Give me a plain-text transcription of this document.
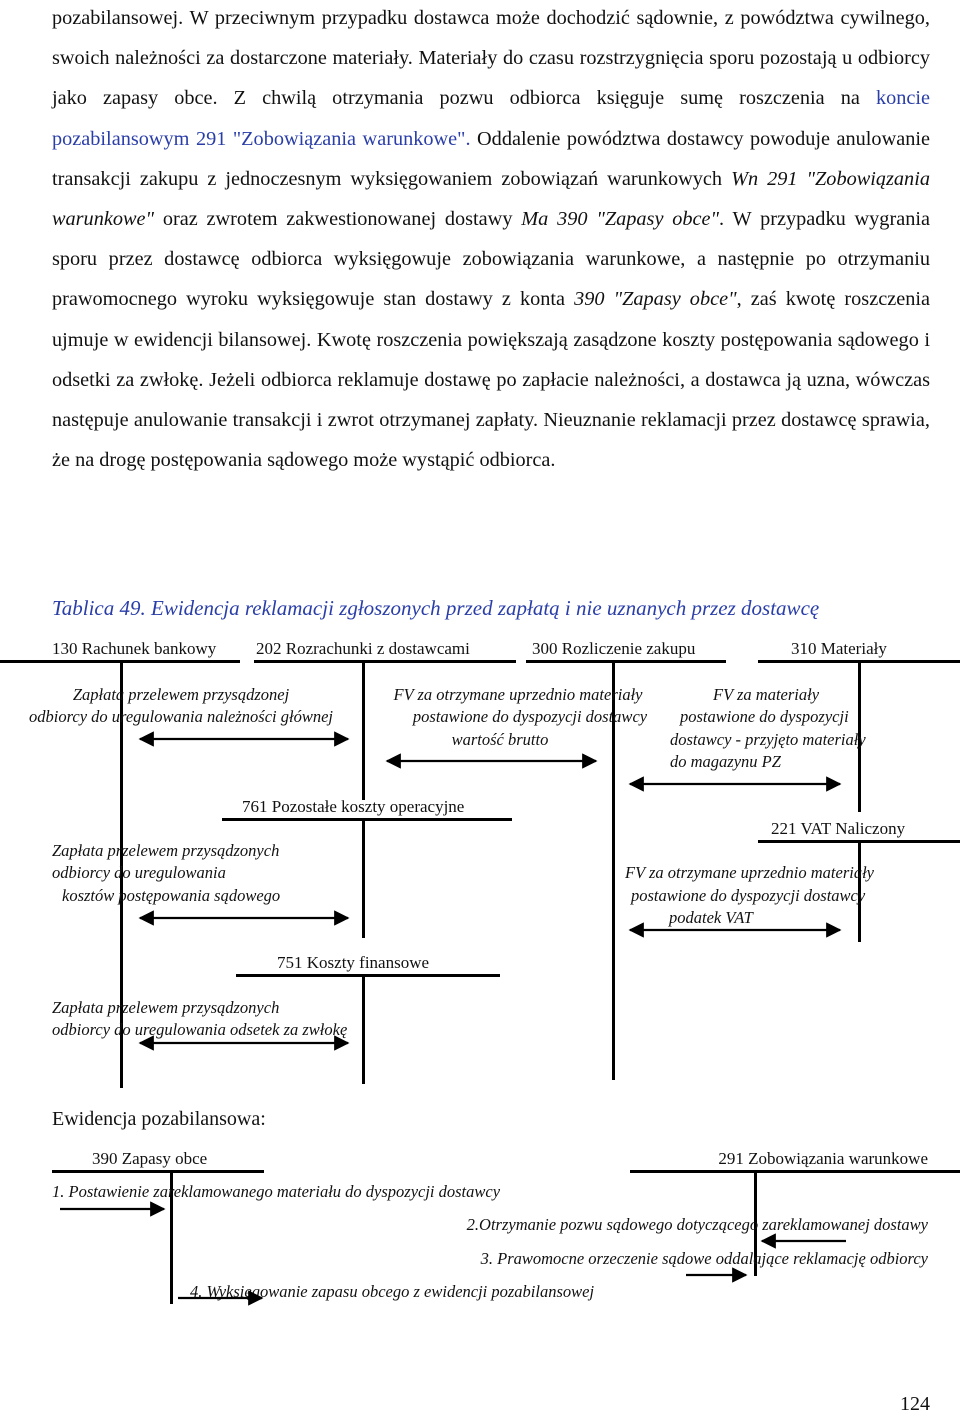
pozabilansowej. W przeciwnym przypadku dostawca może dochodzić sądownie, z powództwa cywilnego, swoich należności za dostarczone materiały. Materiały do czasu rozstrzygnięcia sporu pozostają u odbiorcy jako zapasy obce. Z chwilą otrzymania pozwu odbiorca księguje sumę roszczenia na koncie pozabilansowym 291 "Zobowiązania warunkowe". Oddalenie powództwa dostawcy powoduje anulowanie transakcji zakupu z jednoczesnym wyksięgowaniem zobowiązań warunkowych Wn 291 "Zobowiązania warunkowe" oraz zwrotem zakwestionowanej dostawy Ma 390 "Zapasy obce". W przypadku wygrania sporu przez dostawcę odbiorca wyksięgowuje zobowiązania warunkowe, a następnie po otrzymaniu prawomocnego wyroku wyksięgowuje stan dostawy z konta 390 "Zapasy obce", zaś kwotę roszczenia ujmuje w ewidencji bilansowej. Kwotę roszczenia powiększają zasądzone koszty postępowania sądowego i odsetki za zwłokę. Jeżeli odbiorca reklamuje dostawę po zapłacie należności, a dostawca ją uzna, wówczas następuje anulowanie transakcji i zwrot otrzymanej zapłaty. Nieuznanie reklamacji przez dostawcę sprawia, że na drogę postępowania sądowego może wystąpić odbiorca.

Tablica 49. Ewidencja reklamacji zgłoszonych przed zapłatą i nie uznanych przez dostawcę
130 Rachunek bankowy 202 Rozrachunki z dostawcami	300 Rozliczenie zakupu	310 Materiały
Zapłata przelewem przysądzonej
odbiorcy do uregulowania należności głównej
FV za otrzymane uprzednio materiały
postawione do dyspozycji dostawcy
wartość brutto
FV za materiały
postawione do dyspozycji
dostawcy - przyjęto materiały
do magazynu PZ
761 Pozostałe koszty operacyjne
221 VAT Naliczony
Zapłata przelewem przysądzonych
odbiorcy do uregulowania
kosztów postępowania sądowego
FV za otrzymane uprzednio materiały
postawione do dyspozycji dostawcy
podatek VAT
751 Koszty finansowe
Zapłata przelewem przysądzonych
odbiorcy do uregulowania odsetek za zwłokę
Ewidencja pozabilansowa:
390 Zapasy obce	291 Zobowiązania warunkowe
1. Postawienie zareklamowanego materiału do dyspozycji dostawcy
2.Otrzymanie pozwu sądowego dotyczącego zareklamowanej dostawy
3. Prawomocne orzeczenie sądowe oddalające reklamację odbiorcy
4. Wyksięgowanie zapasu obcego z ewidencji pozabilansowej
124
